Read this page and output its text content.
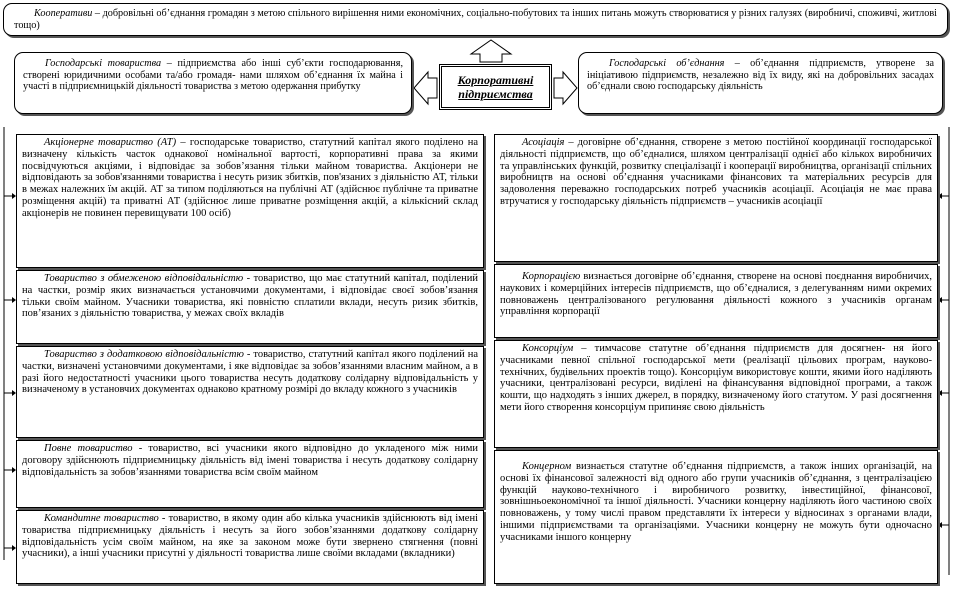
Кооперативи – добровільні об’єднання громадян з метою спільного вирішення ними економічних, соціально-побутових та інших питань можуть створюватися у різних галузях (виробничі, споживчі, житлові тощо)
Корпоративні підприємства
Господарські товариства – підприємства або інші суб’єкти господарювання, створені юридичними особами та/або громадя- нами шляхом об’єднання їх майна і участі в підприємницькій діяльності товариства з метою одержання прибутку
Господарські об’єднання – об’єднання підприємств, утворене за ініціативою підприємств, незалежно від їх виду, які на добровільних засадах об’єднали свою господарську діяльність
Акціонерне товариство (АТ) – господарське товариство, статутний капітал якого поділено на визначену кількість часток однакової номінальної вартості, корпоративні права за якими посвідчуються акціями, і відповідає за зобов’язання тільки майном товариства. Акціонери не відповідають за зобов'язаннями товариства і несуть ризик збитків, пов'язаних з діяльністю АТ, тільки в межах належних їм акцій. АТ за типом поділяються на публічні АТ (здійснює публічне та приватне розміщення акцій) та приватні АТ (здійснює лише приватне розміщення акцій, а кількісний склад акціонерів не повинен перевищувати 100 осіб)
Товариство з обмеженою відповідальністю - товариство, що має статутний капітал, поділений на частки, розмір яких визначається установчими документами, і відповідає своєї зобов’язання тільки своїм майном. Учасники товариства, які повністю сплатили вклади, несуть ризик збитків, пов’язаних з діяльністю товариства, у межах своїх вкладів
Товариство з додатковою відповідальністю - товариство, статутний капітал якого поділений на частки, визначені установчими документами, і яке відповідає за зобов’язаннями власним майном, а в разі його недостатності учасники цього товариства несуть додаткову солідарну відповідальність у визначеному в установчих документах однаково кратному розмірі до вкладу кожного з учасників
Повне товариство - товариство, всі учасники якого відповідно до укладеного між ними договору здійснюють підприємницьку діяльність від імені товариства і несуть додаткову солідарну відповідальність за зобов’язаннями товариства всім своїм майном
Командитне товариство - товариство, в якому один або кілька учасників здійснюють від імені товариства підприємницьку діяльність і несуть за його зобов’язаннями додаткову солідарну відповідальність усім своїм майном, на яке за законом може бути звернено стягнення (повні учасники), а інші учасники присутні у діяльності товариства лише своїми вкладами (вкладники)
Асоціація – договірне об’єднання, створене з метою постійної координації господарської діяльності підприємств, що об’єдналися, шляхом централізації однієї або кількох виробничих та управлінських функцій, розвитку спеціалізації і кооперації виробництва, організації спільних виробництв на основі об’єднання учасниками фінансових та матеріальних ресурсів для задоволення переважно господарських потреб учасників асоціації. Асоціація не має права втручатися у господарську діяльність підприємств – учасників асоціації
Корпорацією визнається договірне об’єднання, створене на основі поєднання виробничих, наукових і комерційних інтересів підприємств, що об’єдналися, з делегуванням ними окремих повноважень централізованого регулювання діяльності кожного з учасників органам управління корпорації
Консорціум – тимчасове статутне об’єднання підприємств для досягнен- ня його учасниками певної спільної господарської мети (реалізації цільових програм, науково-технічних, будівельних проектів тощо). Консорціум використовує кошти, якими його наділяють учасники, централізовані ресурси, виділені на фінансування відповідної програми, а також кошти, що надходять з інших джерел, в порядку, визначеному його статутом. У разі досягнення мети його створення консорціум припиняє свою діяльність
Концерном визнається статутне об’єднання підприємств, а також інших організацій, на основі їх фінансової залежності від одного або групи учасників об’єднання, з централізацією функцій науково-технічного і виробничого розвитку, інвестиційної, фінансової, зовнішньоекономічної та іншої діяльності. Учасники концерну наділяють його частиною своїх повноважень, у тому числі правом представляти їх інтереси у відносинах з органами влади, іншими підприємствами та організаціями. Учасники концерну не можуть бути одночасно учасниками іншого концерну
